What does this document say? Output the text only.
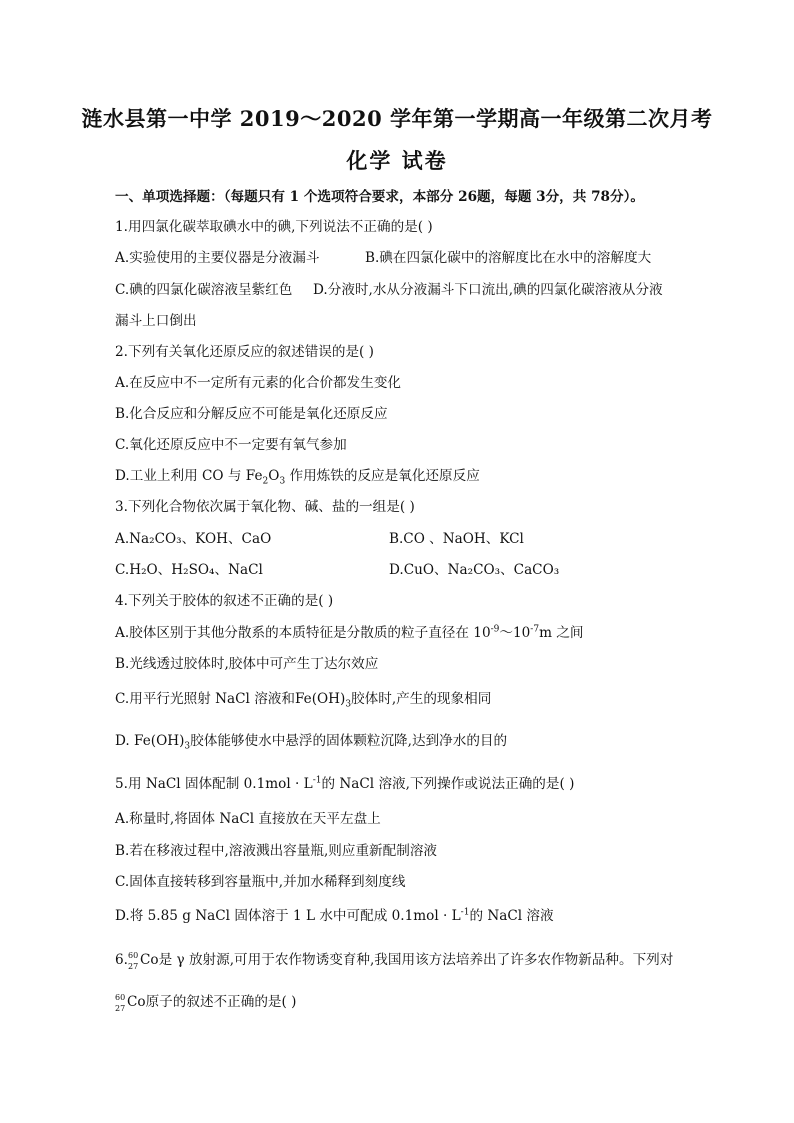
涟水县第一中学 2019～2020 学年第一学期高一年级第二次月考
化学 试卷
一、单项选择题：（每题只有 1 个选项符合要求，本部分 26题，每题 3分，共 78分）。
1.用四氯化碳萃取碘水中的碘,下列说法不正确的是( )
A.实验使用的主要仪器是分液漏斗	B.碘在四氯化碳中的溶解度比在水中的溶解度大
C.碘的四氯化碳溶液呈紫红色 D.分液时,水从分液漏斗下口流出,碘的四氯化碳溶液从分液
漏斗上口倒出
2.下列有关氧化还原反应的叙述错误的是( )
A.在反应中不一定所有元素的化合价都发生变化
B.化合反应和分解反应不可能是氧化还原反应
C.氧化还原反应中不一定要有氧气参加
D.工业上利用 CO 与 $Fe_2O_3$ 作用炼铁的反应是氧化还原反应
3.下列化合物依次属于氧化物、碱、盐的一组是( )
A.Na₂CO₃、KOH、CaO	B.CO 、NaOH、KCl
C.H₂O、H₂SO₄、NaCl	D.CuO、Na₂CO₃、CaCO₃
4.下列关于胶体的叙述不正确的是( )
A.胶体区别于其他分散系的本质特征是分散质的粒子直径在 $10^{-9}\sim 10^{-7}m$ 之间
B.光线透过胶体时,胶体中可产生丁达尔效应
C.用平行光照射 NaCl 溶液和$Fe(OH)_3$胶体时,产生的现象相同
D. $Fe(OH)_3$胶体能够使水中悬浮的固体颗粒沉降,达到净水的目的
5.用 NaCl 固体配制 $0.1mol \cdot L^{-1}$的 NaCl 溶液,下列操作或说法正确的是( )
A.称量时,将固体 NaCl 直接放在天平左盘上
B.若在移液过程中,溶液溅出容量瓶,则应重新配制溶液
C.固体直接转移到容量瓶中,并加水稀释到刻度线
D.将 5.85 g NaCl 固体溶于 1 L 水中可配成 $0.1mol \cdot L^{-1}$的 NaCl 溶液
6. 60
27 Co是 γ 放射源,可用于农作物诱变育种,我国用该方法培养出了许多农作物新品种。下列对
60
27 Co原子的叙述不正确的是( )
